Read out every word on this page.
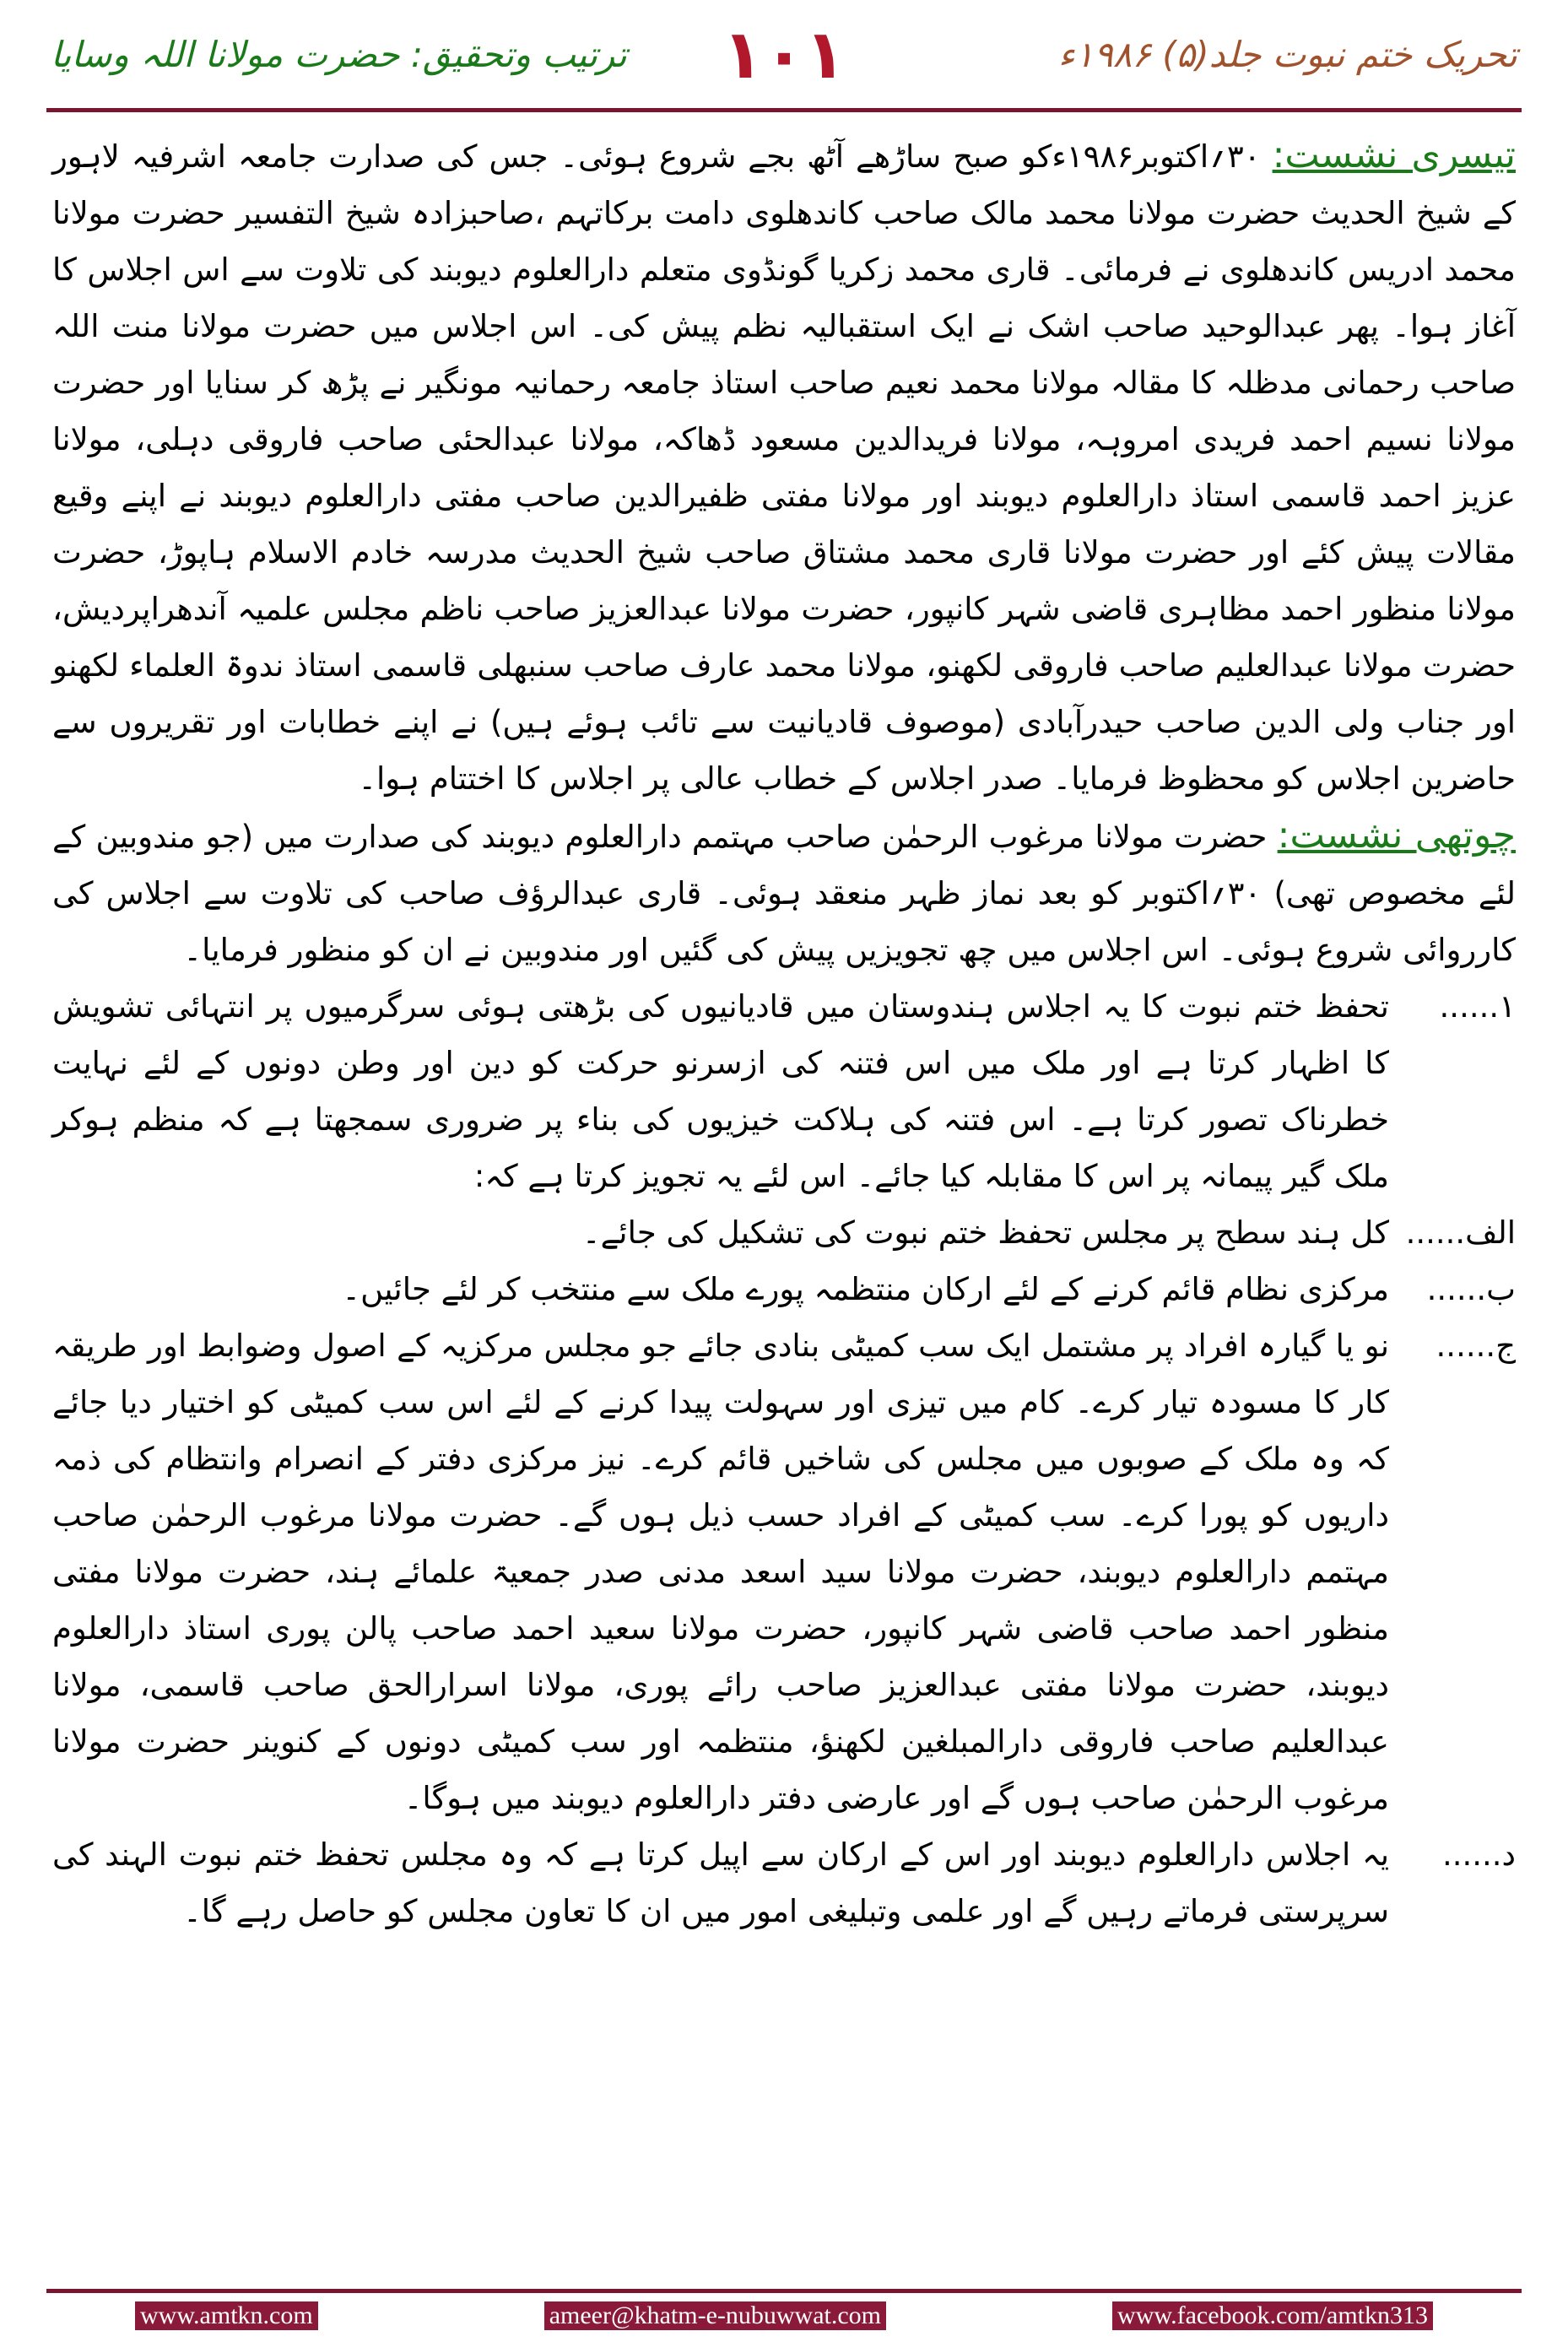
ترتیب وتحقیق: حضرت مولانا اللہ وسایا	۱۰۱	تحریک ختم نبوت جلد(۵) ۱۹۸۶ء

تیسری نشست: ۳۰؍اکتوبر۱۹۸۶ءکو صبح ساڑھے آٹھ بجے شروع ہوئی۔ جس کی صدارت جامعہ اشرفیہ لاہور کے شیخ الحدیث حضرت مولانا محمد مالک صاحب کاندھلوی دامت برکاتہم ،صاحبزادہ شیخ التفسیر حضرت مولانا محمد ادریس کاندھلوی نے فرمائی۔ قاری محمد زکریا گونڈوی متعلم دارالعلوم دیوبند کی تلاوت سے اس اجلاس کا آغاز ہوا۔ پھر عبدالوحید صاحب اشک نے ایک استقبالیہ نظم پیش کی۔ اس اجلاس میں حضرت مولانا منت اللہ صاحب رحمانی مدظلہ کا مقالہ مولانا محمد نعیم صاحب استاذ جامعہ رحمانیہ مونگیر نے پڑھ کر سنایا اور حضرت مولانا نسیم احمد فریدی امروہہ، مولانا فریدالدین مسعود ڈھاکہ، مولانا عبدالحئی صاحب فاروقی دہلی، مولانا عزیز احمد قاسمی استاذ دارالعلوم دیوبند اور مولانا مفتی ظفیرالدین صاحب مفتی دارالعلوم دیوبند نے اپنے وقیع مقالات پیش کئے اور حضرت مولانا قاری محمد مشتاق صاحب شیخ الحدیث مدرسہ خادم الاسلام ہاپوڑ، حضرت مولانا منظور احمد مظاہری قاضی شہر کانپور، حضرت مولانا عبدالعزیز صاحب ناظم مجلس علمیہ آندھراپردیش، حضرت مولانا عبدالعلیم صاحب فاروقی لکھنو، مولانا محمد عارف صاحب سنبھلی قاسمی استاذ ندوۃ العلماء لکھنو اور جناب ولی الدین صاحب حیدرآبادی (موصوف قادیانیت سے تائب ہوئے ہیں) نے اپنے خطابات اور تقریروں سے حاضرین اجلاس کو محظوظ فرمایا۔ صدر اجلاس کے خطاب عالی پر اجلاس کا اختتام ہوا۔

چوتھی نشست: حضرت مولانا مرغوب الرحمٰن صاحب مہتمم دارالعلوم دیوبند کی صدارت میں (جو مندوبین کے لئے مخصوص تھی) ۳۰؍اکتوبر کو بعد نماز ظہر منعقد ہوئی۔ قاری عبدالرؤف صاحب کی تلاوت سے اجلاس کی کارروائی شروع ہوئی۔ اس اجلاس میں چھ تجویزیں پیش کی گئیں اور مندوبین نے ان کو منظور فرمایا۔

۱......
تحفظ ختم نبوت کا یہ اجلاس ہندوستان میں قادیانیوں کی بڑھتی ہوئی سرگرمیوں پر انتہائی تشویش کا اظہار کرتا ہے اور ملک میں اس فتنہ کی ازسرنو حرکت کو دین اور وطن دونوں کے لئے نہایت خطرناک تصور کرتا ہے۔ اس فتنہ کی ہلاکت خیزیوں کی بناء پر ضروری سمجھتا ہے کہ منظم ہوکر ملک گیر پیمانہ پر اس کا مقابلہ کیا جائے۔ اس لئے یہ تجویز کرتا ہے کہ:
الف......
کل ہند سطح پر مجلس تحفظ ختم نبوت کی تشکیل کی جائے۔
ب......
مرکزی نظام قائم کرنے کے لئے ارکان منتظمہ پورے ملک سے منتخب کر لئے جائیں۔
ج......
نو یا گیارہ افراد پر مشتمل ایک سب کمیٹی بنادی جائے جو مجلس مرکزیہ کے اصول وضوابط اور طریقہ کار کا مسودہ تیار کرے۔ کام میں تیزی اور سہولت پیدا کرنے کے لئے اس سب کمیٹی کو اختیار دیا جائے کہ وہ ملک کے صوبوں میں مجلس کی شاخیں قائم کرے۔ نیز مرکزی دفتر کے انصرام وانتظام کی ذمہ داریوں کو پورا کرے۔ سب کمیٹی کے افراد حسب ذیل ہوں گے۔ حضرت مولانا مرغوب الرحمٰن صاحب مہتمم دارالعلوم دیوبند، حضرت مولانا سید اسعد مدنی صدر جمعیۃ علمائے ہند، حضرت مولانا مفتی منظور احمد صاحب قاضی شہر کانپور، حضرت مولانا سعید احمد صاحب پالن پوری استاذ دارالعلوم دیوبند، حضرت مولانا مفتی عبدالعزیز صاحب رائے پوری، مولانا اسرارالحق صاحب قاسمی، مولانا عبدالعلیم صاحب فاروقی دارالمبلغین لکھنؤ، منتظمہ اور سب کمیٹی دونوں کے کنوینر حضرت مولانا مرغوب الرحمٰن صاحب ہوں گے اور عارضی دفتر دارالعلوم دیوبند میں ہوگا۔
د......
یہ اجلاس دارالعلوم دیوبند اور اس کے ارکان سے اپیل کرتا ہے کہ وہ مجلس تحفظ ختم نبوت الہند کی سرپرستی فرماتے رہیں گے اور علمی وتبلیغی امور میں ان کا تعاون مجلس کو حاصل رہے گا۔
www.amtkn.com	ameer@khatm-e-nubuwwat.com	www.facebook.com/amtkn313
